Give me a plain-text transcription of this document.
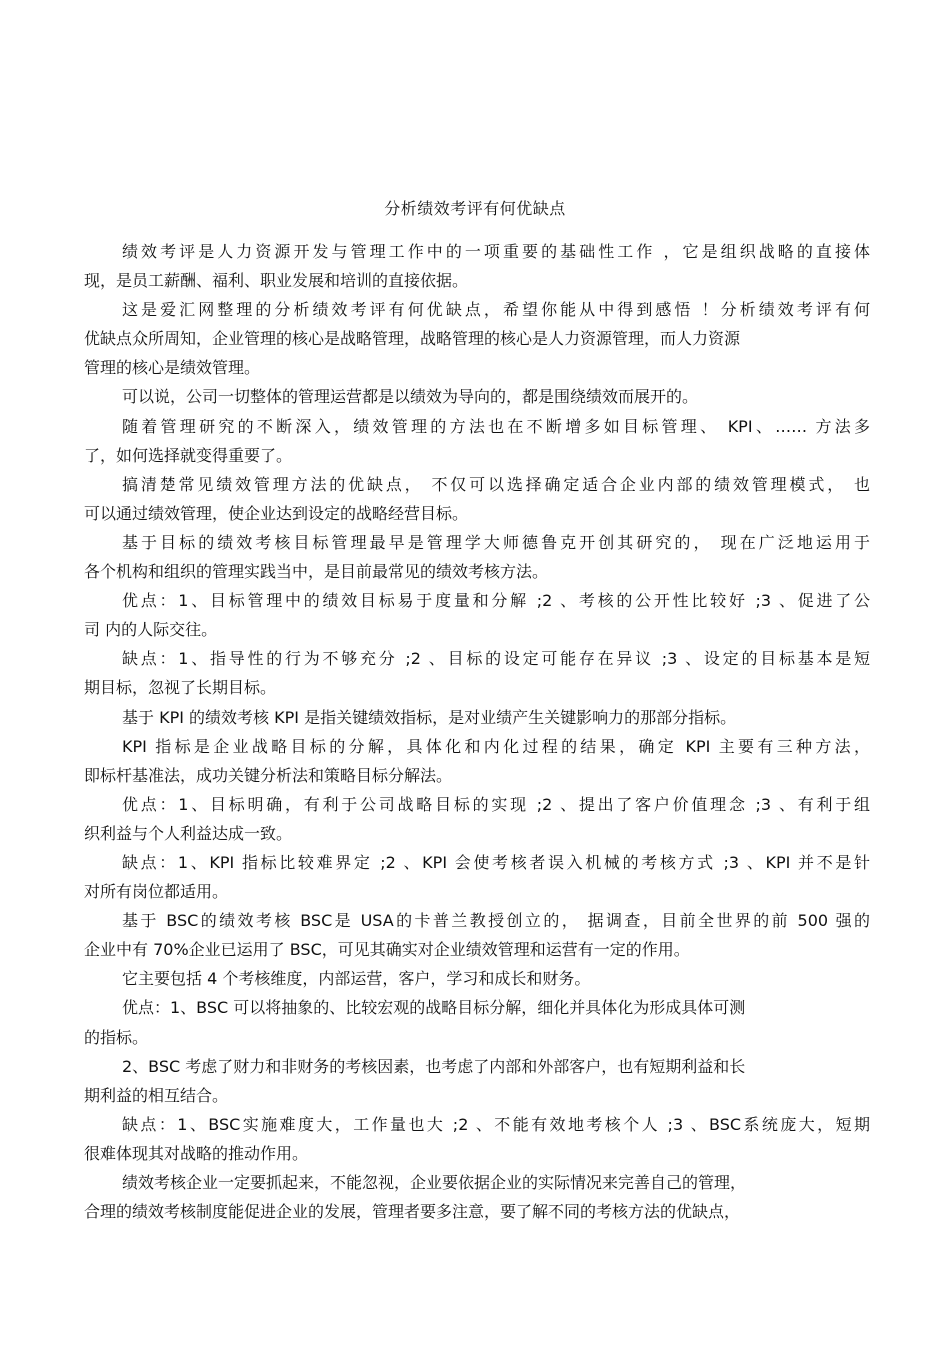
分析绩效考评有何优缺点
绩效考评是人力资源开发与管理工作中的一项重要的基础性工作 ，它是组织战略的直接体
现，是员工薪酬、福利、职业发展和培训的直接依据。
这是爱汇网整理的分析绩效考评有何优缺点，希望你能从中得到感悟 ！分析绩效考评有何
优缺点众所周知，企业管理的核心是战略管理，战略管理的核心是人力资源管理，而人力资源
管理的核心是绩效管理。
可以说，公司一切整体的管理运营都是以绩效为导向的，都是围绕绩效而展开的。
随着管理研究的不断深入，绩效管理的方法也在不断增多如目标管理、 KPI、…… 方法多
了，如何选择就变得重要了。
搞清楚常见绩效管理方法的优缺点， 不仅可以选择确定适合企业内部的绩效管理模式， 也
可以通过绩效管理，使企业达到设定的战略经营目标。
基于目标的绩效考核目标管理最早是管理学大师德鲁克开创其研究的， 现在广泛地运用于
各个机构和组织的管理实践当中，是目前最常见的绩效考核方法。
优点：1、目标管理中的绩效目标易于度量和分解 ;2 、考核的公开性比较好 ;3 、促进了公
司 内的人际交往。
缺点：1、指导性的行为不够充分 ;2 、目标的设定可能存在异议 ;3 、设定的目标基本是短
期目标，忽视了长期目标。
基于 KPI 的绩效考核 KPI 是指关键绩效指标，是对业绩产生关键影响力的那部分指标。
KPI 指标是企业战略目标的分解，具体化和内化过程的结果，确定 KPI 主要有三种方法，
即标杆基准法，成功关键分析法和策略目标分解法。
优点：1、目标明确，有利于公司战略目标的实现 ;2 、提出了客户价值理念 ;3 、有利于组
织利益与个人利益达成一致。
缺点：1、KPI 指标比较难界定 ;2 、KPI 会使考核者误入机械的考核方式 ;3 、KPI 并不是针
对所有岗位都适用。
基于 BSC的绩效考核 BSC是 USA的卡普兰教授创立的， 据调查，目前全世界的前 500 强的
企业中有 70%企业已运用了 BSC，可见其确实对企业绩效管理和运营有一定的作用。
它主要包括 4 个考核维度，内部运营，客户，学习和成长和财务。
优点：1、BSC 可以将抽象的、比较宏观的战略目标分解，细化并具体化为形成具体可测
的指标。
2、BSC 考虑了财力和非财务的考核因素，也考虑了内部和外部客户，也有短期利益和长
期利益的相互结合。
缺点：1、BSC实施难度大，工作量也大 ;2 、不能有效地考核个人 ;3 、BSC系统庞大，短期
很难体现其对战略的推动作用。
绩效考核企业一定要抓起来，不能忽视，企业要依据企业的实际情况来完善自己的管理，
合理的绩效考核制度能促进企业的发展，管理者要多注意，要了解不同的考核方法的优缺点，
